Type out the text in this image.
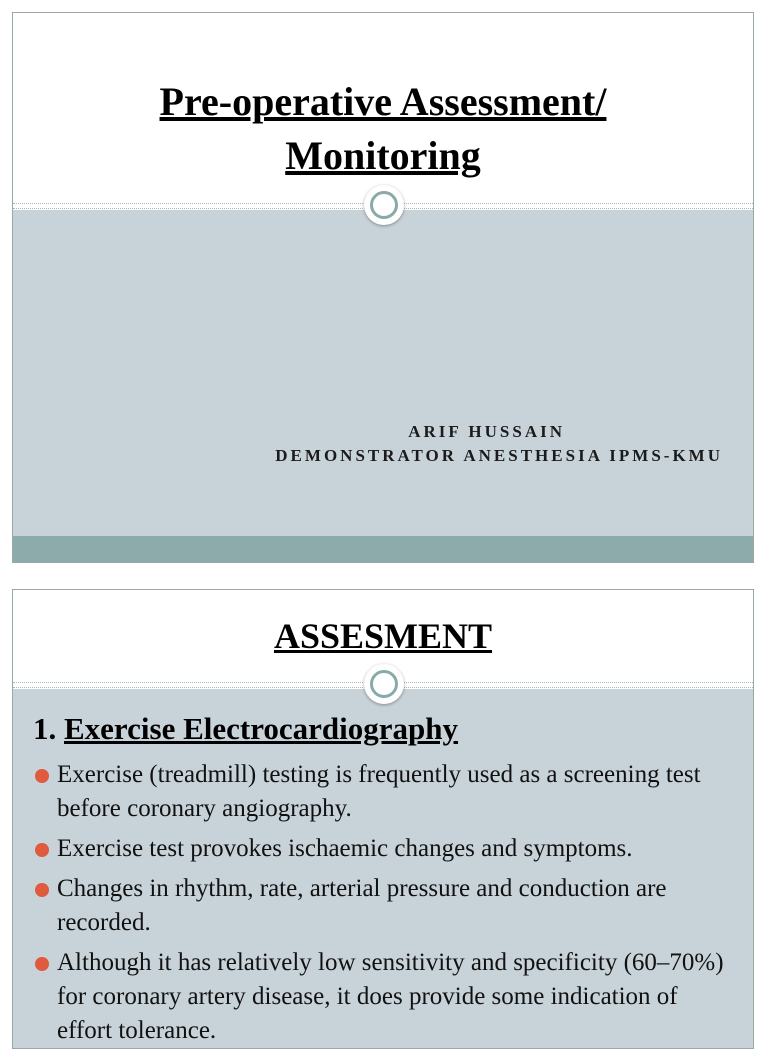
Pre-operative Assessment/
Monitoring
ARIF HUSSAIN
DEMONSTRATOR ANESTHESIA IPMS-KMU
ASSESMENT
1. Exercise Electrocardiography
Exercise (treadmill) testing is frequently used as a screening test before coronary angiography.
Exercise test provokes ischaemic changes and symptoms.
Changes in rhythm, rate, arterial pressure and conduction are recorded.
Although it has relatively low sensitivity and specificity (60–70%) for coronary artery disease, it does provide some indication of effort tolerance.
